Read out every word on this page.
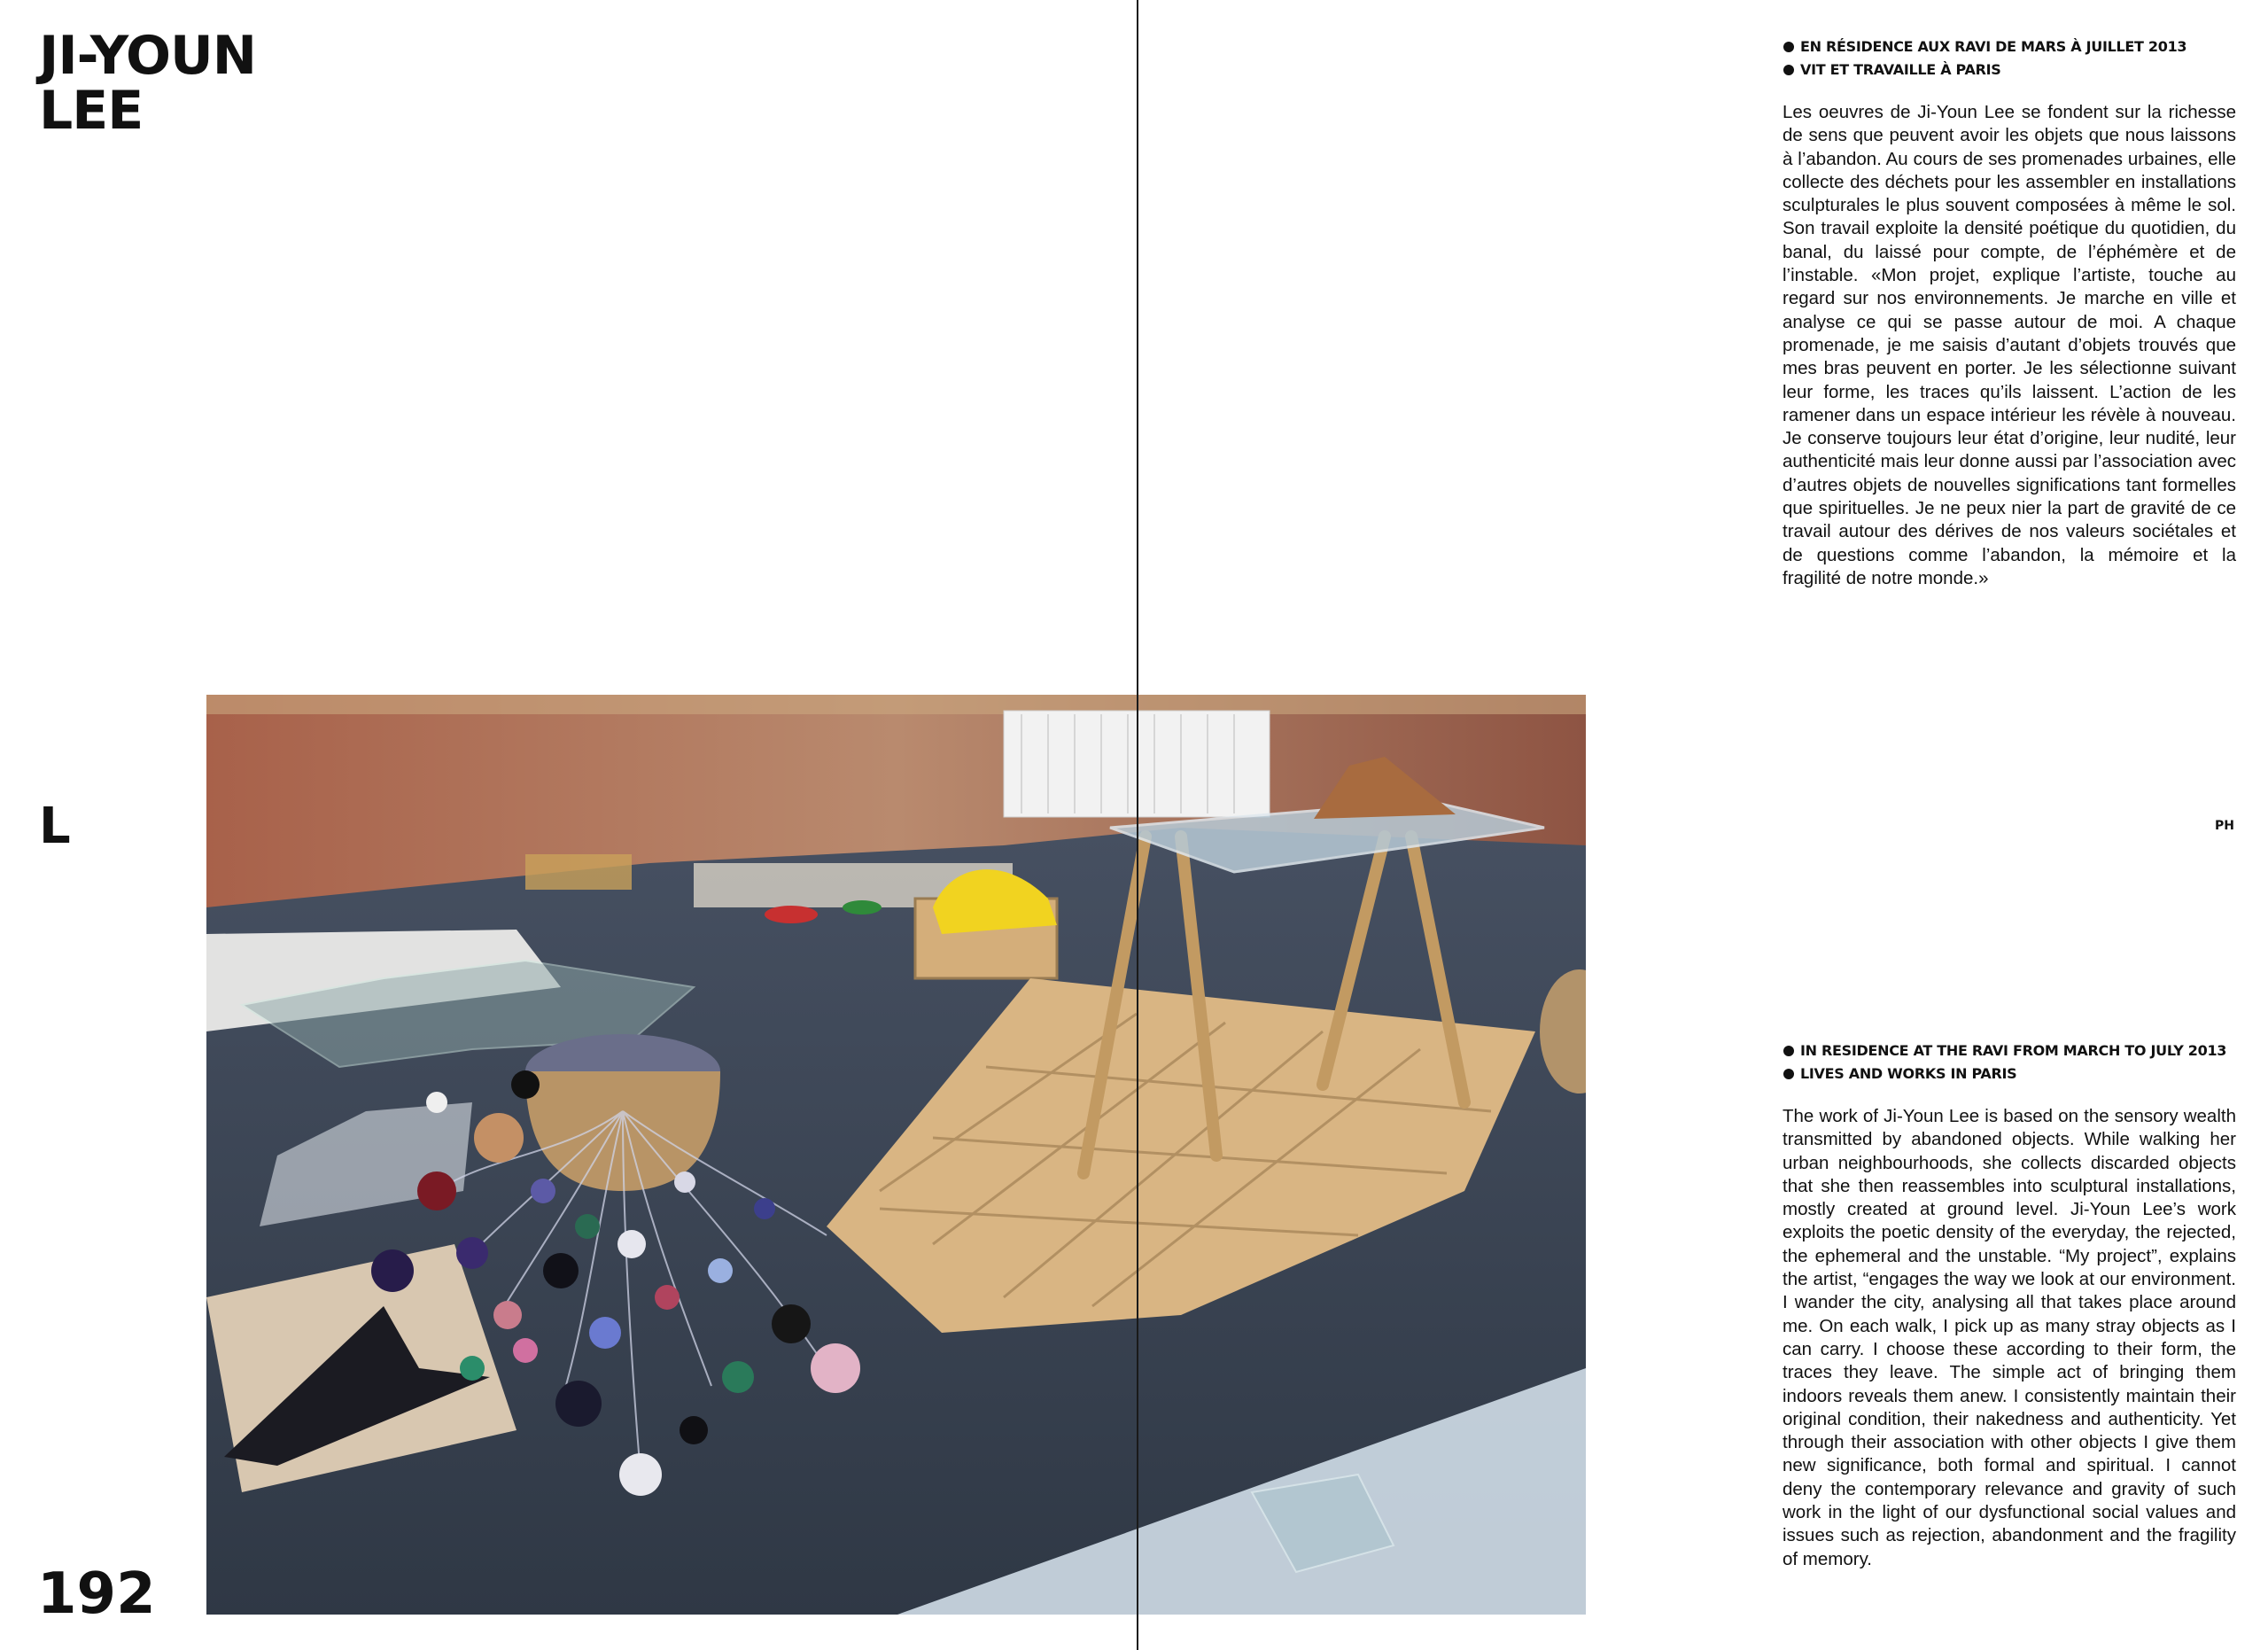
JI-YOUN
LEE
L
192
EN RÉSIDENCE AUX RAVI DE MARS À JUILLET 2013
VIT ET TRAVAILLE À PARIS

Les oeuvres de Ji-Youn Lee se fondent sur la richesse de sens que peuvent avoir les objets que nous laissons à l’abandon. Au cours de ses promenades urbaines, elle collecte des déchets pour les assembler en installations sculpturales le plus souvent composées à même le sol. Son travail exploite la densité poétique du quotidien, du banal, du laissé pour compte, de l’éphémère et de l’instable. «Mon projet, explique l’artiste, touche au regard sur nos environnements. Je marche en ville et analyse ce qui se passe autour de moi. A chaque promenade, je me saisis d’autant d’objets trouvés que mes bras peuvent en porter. Je les sélectionne suivant leur forme, les traces qu’ils laissent. L’action de les ramener dans un espace intérieur les révèle à nouveau. Je conserve toujours leur état d’origine, leur nudité, leur authenticité mais leur donne aussi par l’association avec d’autres objets de nouvelles significations tant formelles que spirituelles. Je ne peux nier la part de gravité de ce travail autour des dérives de nos valeurs sociétales et de questions comme l’abandon, la mémoire et la fragilité de notre monde.»

PH
IN RESIDENCE AT THE RAVI FROM MARCH TO JULY 2013
LIVES AND WORKS IN PARIS

The work of Ji-Youn Lee is based on the sensory wealth transmitted by abandoned objects. While walking her urban neighbourhoods, she collects discarded objects that she then reassembles into sculptural installations, mostly created at ground level. Ji-Youn Lee’s work exploits the poetic density of the everyday, the rejected, the ephemeral and the unstable. “My project”, explains the artist, “engages the way we look at our environment. I wander the city, analysing all that takes place around me. On each walk, I pick up as many stray objects as I can carry. I choose these according to their form, the traces they leave. The simple act of bringing them indoors reveals them anew. I consistently maintain their original condition, their nakedness and authenticity. Yet through their association with other objects I give them new significance, both formal and spiritual. I cannot deny the contemporary relevance and gravity of such work in the light of our dysfunctional social values and issues such as rejection, abandonment and the fragility of memory.
